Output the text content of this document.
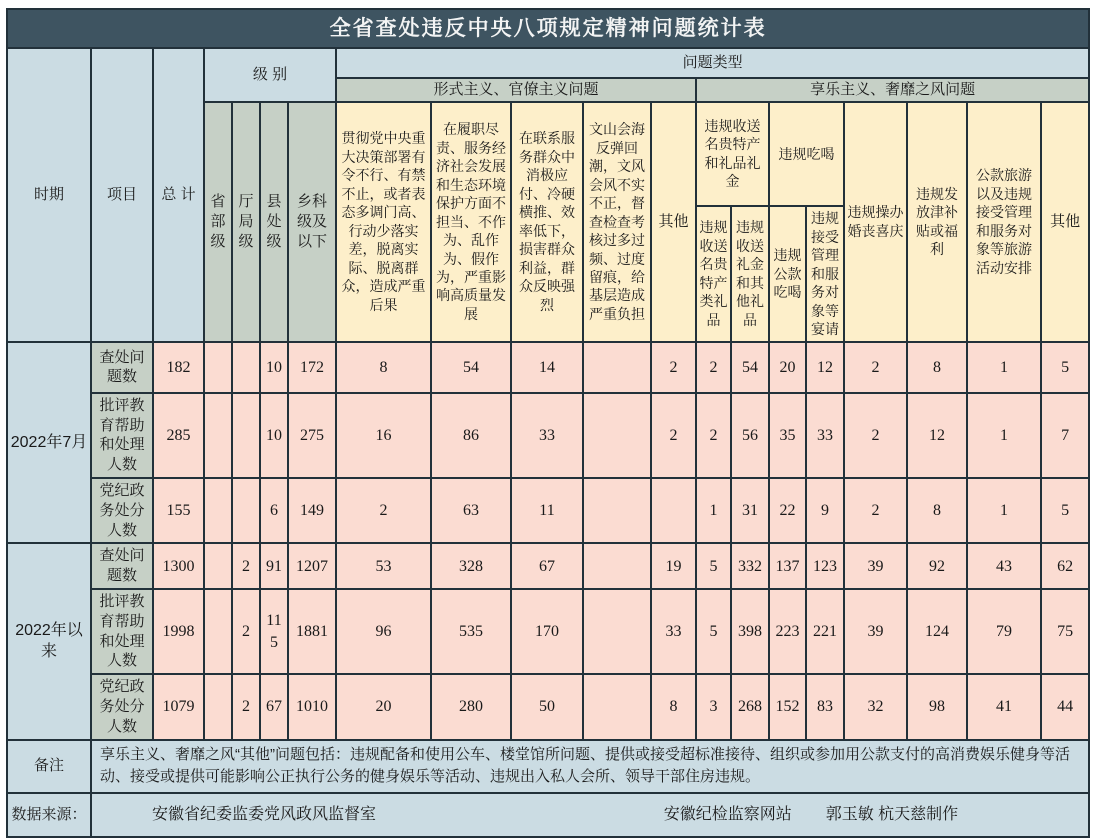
全省查处违反中央八项规定精神问题统计表																			
时期	项目	总 计	级 别				问题类型												
							形式主义、官僚主义问题					享乐主义、奢靡之风问题							
			省部级	厅局级	县处级	乡科级及以下	贯彻党中央重大决策部署有令不行、有禁不止，或者表态多调门高、行动少落实差，脱离实际、脱离群众，造成严重后果	在履职尽责、服务经济社会发展和生态环境保护方面不担当、不作为、乱作为、假作为，严重影响高质量发展	在联系服务群众中消极应付、冷硬横推、效率低下，损害群众利益，群众反映强烈	文山会海反弹回潮，文风会风不实不正，督查检查考核过多过频、过度留痕，给基层造成严重负担	其他	违规收送名贵特产和礼品礼金		违规吃喝		违规操办婚丧喜庆	违规发放津补贴或福利	公款旅游以及违规接受管理和服务对象等旅游活动安排	其他
												违规收送名贵特产类礼品	违规收送礼金和其他礼品	违规公款吃喝	违规接受管理和服务对象等宴请				
2022年7月	查处问题数	182			10	172	8	54	14		2	2	54	20	12	2	8	1	5
	批评教育帮助和处理人数	285			10	275	16	86	33		2	2	56	35	33	2	12	1	7
	党纪政务处分人数	155			6	149	2	63	11			1	31	22	9	2	8	1	5
2022年以来	查处问题数	1300		2	91	1207	53	328	67		19	5	332	137	123	39	92	43	62
	批评教育帮助和处理人数	1998		2	115	1881	96	535	170		33	5	398	223	221	39	124	79	75
	党纪政务处分人数	1079		2	67	1010	20	280	50		8	3	268	152	83	32	98	41	44
备注	享乐主义、奢靡之风“其他”问题包括：违规配备和使用公车、楼堂馆所问题、提供或接受超标准接待、组织或参加用公款支付的高消费娱乐健身等活动、接受或提供可能影响公正执行公务的健身娱乐等活动、违规出入私人会所、领导干部住房违规。																		
数据来源：	安徽省纪委监委党风政风监督室 安徽纪检监察网站 郭玉敏 杭天慈制作																		
